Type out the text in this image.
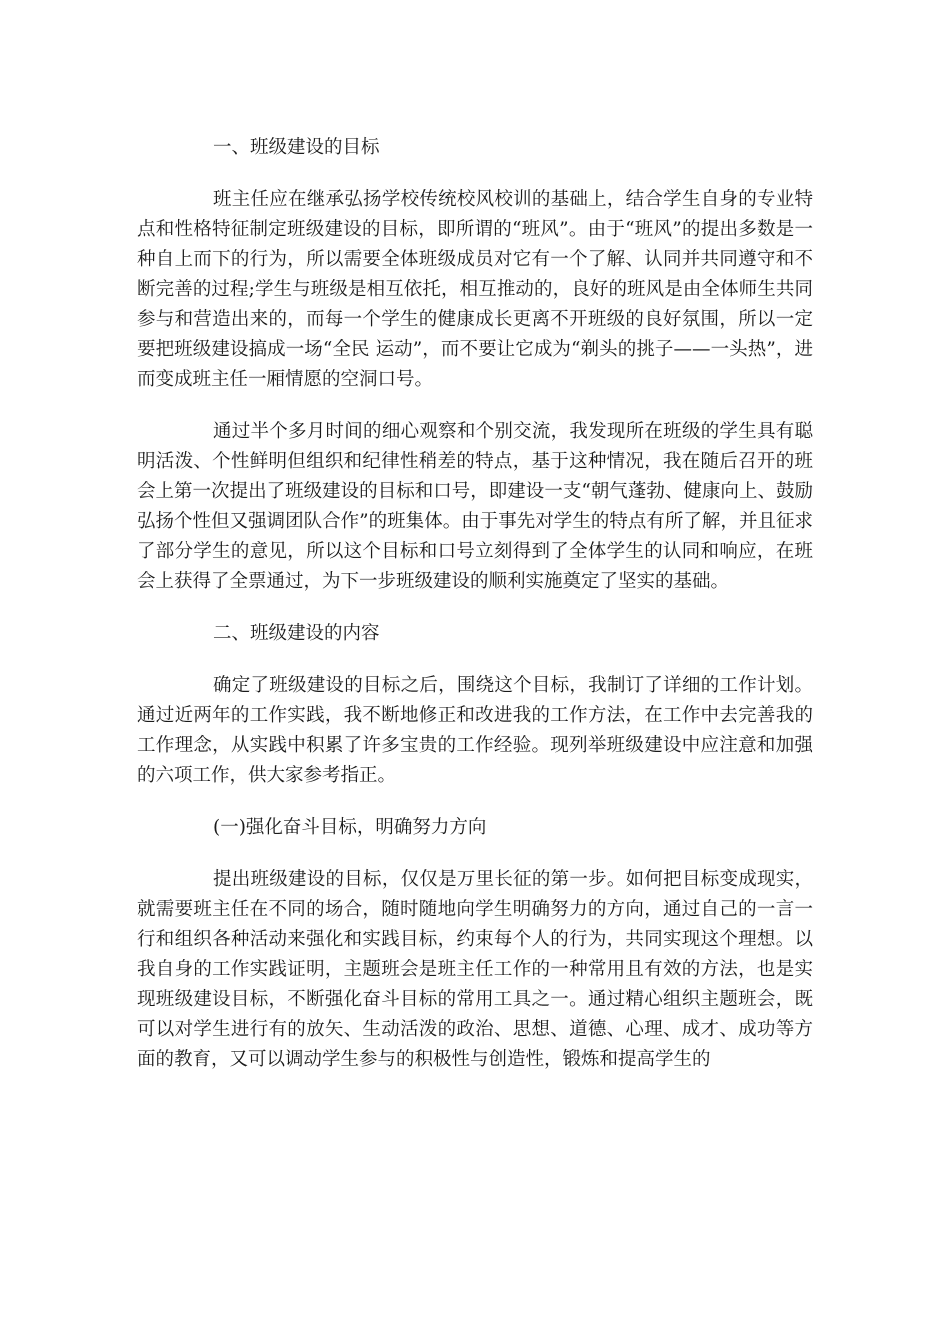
一、班级建设的目标

班主任应在继承弘扬学校传统校风校训的基础上，结合学生自身的专业特点和性格特征制定班级建设的目标，即所谓的“班风”。由于“班风”的提出多数是一种自上而下的行为，所以需要全体班级成员对它有一个了解、认同并共同遵守和不断完善的过程;学生与班级是相互依托，相互推动的，良好的班风是由全体师生共同参与和营造出来的，而每一个学生的健康成长更离不开班级的良好氛围，所以一定要把班级建设搞成一场“全民 运动”，而不要让它成为“剃头的挑子——一头热”，进而变成班主任一厢情愿的空洞口号。

通过半个多月时间的细心观察和个别交流，我发现所在班级的学生具有聪明活泼、个性鲜明但组织和纪律性稍差的特点，基于这种情况，我在随后召开的班会上第一次提出了班级建设的目标和口号，即建设一支“朝气蓬勃、健康向上、鼓励弘扬个性但又强调团队合作”的班集体。由于事先对学生的特点有所了解，并且征求了部分学生的意见，所以这个目标和口号立刻得到了全体学生的认同和响应，在班会上获得了全票通过，为下一步班级建设的顺利实施奠定了坚实的基础。

二、班级建设的内容

确定了班级建设的目标之后，围绕这个目标，我制订了详细的工作计划。通过近两年的工作实践，我不断地修正和改进我的工作方法，在工作中去完善我的工作理念，从实践中积累了许多宝贵的工作经验。现列举班级建设中应注意和加强的六项工作，供大家参考指正。

(一)强化奋斗目标，明确努力方向

提出班级建设的目标，仅仅是万里长征的第一步。如何把目标变成现实，就需要班主任在不同的场合，随时随地向学生明确努力的方向，通过自己的一言一行和组织各种活动来强化和实践目标，约束每个人的行为，共同实现这个理想。以我自身的工作实践证明，主题班会是班主任工作的一种常用且有效的方法，也是实现班级建设目标，不断强化奋斗目标的常用工具之一。通过精心组织主题班会，既可以对学生进行有的放矢、生动活泼的政治、思想、道德、心理、成才、成功等方面的教育，又可以调动学生参与的积极性与创造性，锻炼和提高学生的
